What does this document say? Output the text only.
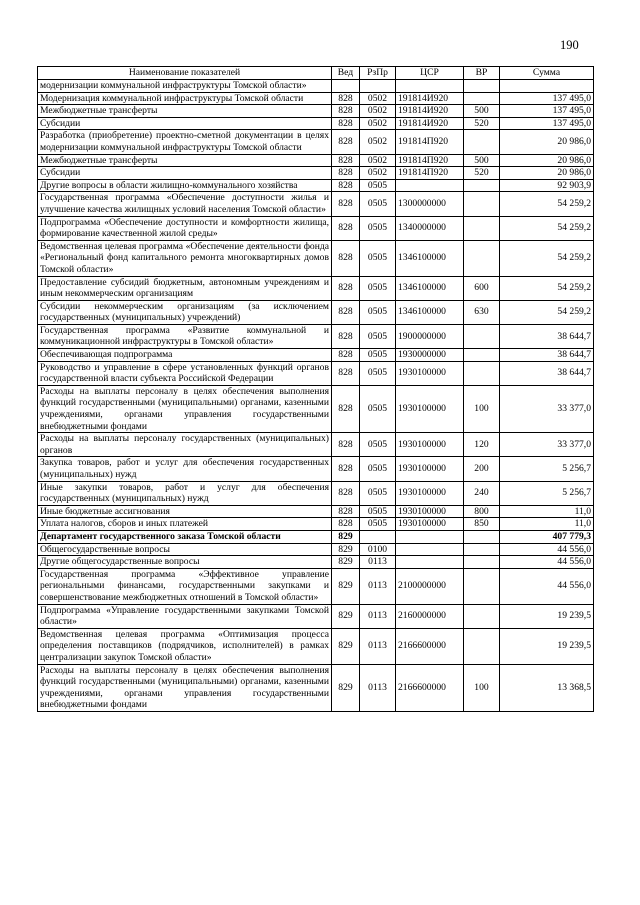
190
Наименование показателей	Вед	РзПр	ЦСР	ВР	Сумма
модернизации коммунальной инфраструктуры Томской области»					
Модернизация коммунальной инфраструктуры Томской области	828	0502	191814И920		137 495,0
Межбюджетные трансферты	828	0502	191814И920	500	137 495,0
Субсидии	828	0502	191814И920	520	137 495,0
Разработка (приобретение) проектно-сметной документации в целях модернизации коммунальной инфраструктуры Томской области	828	0502	191814П920		20 986,0
Межбюджетные трансферты	828	0502	191814П920	500	20 986,0
Субсидии	828	0502	191814П920	520	20 986,0
Другие вопросы в области жилищно-коммунального хозяйства	828	0505			92 903,9
Государственная программа «Обеспечение доступности жилья и улучшение качества жилищных условий населения Томской области»	828	0505	1300000000		54 259,2
Подпрограмма «Обеспечение доступности и комфортности жилища, формирование качественной жилой среды»	828	0505	1340000000		54 259,2
Ведомственная целевая программа «Обеспечение деятельности фонда «Региональный фонд капитального ремонта многоквартирных домов Томской области»	828	0505	1346100000		54 259,2
Предоставление субсидий бюджетным, автономным учреждениям и иным некоммерческим организациям	828	0505	1346100000	600	54 259,2
Субсидии некоммерческим организациям (за исключением государственных (муниципальных) учреждений)	828	0505	1346100000	630	54 259,2
Государственная программа «Развитие коммунальной и коммуникационной инфраструктуры в Томской области»	828	0505	1900000000		38 644,7
Обеспечивающая подпрограмма	828	0505	1930000000		38 644,7
Руководство и управление в сфере установленных функций органов государственной власти субъекта Российской Федерации	828	0505	1930100000		38 644,7
Расходы на выплаты персоналу в целях обеспечения выполнения функций государственными (муниципальными) органами, казенными учреждениями, органами управления государственными внебюджетными фондами	828	0505	1930100000	100	33 377,0
Расходы на выплаты персоналу государственных (муниципальных) органов	828	0505	1930100000	120	33 377,0
Закупка товаров, работ и услуг для обеспечения государственных (муниципальных) нужд	828	0505	1930100000	200	5 256,7
Иные закупки товаров, работ и услуг для обеспечения государственных (муниципальных) нужд	828	0505	1930100000	240	5 256,7
Иные бюджетные ассигнования	828	0505	1930100000	800	11,0
Уплата налогов, сборов и иных платежей	828	0505	1930100000	850	11,0
Департамент государственного заказа Томской области	829				407 779,3
Общегосударственные вопросы	829	0100			44 556,0
Другие общегосударственные вопросы	829	0113			44 556,0
Государственная программа «Эффективное управление региональными финансами, государственными закупками и совершенствование межбюджетных отношений в Томской области»	829	0113	2100000000		44 556,0
Подпрограмма «Управление государственными закупками Томской области»	829	0113	2160000000		19 239,5
Ведомственная целевая программа «Оптимизация процесса определения поставщиков (подрядчиков, исполнителей) в рамках централизации закупок Томской области»	829	0113	2166600000		19 239,5
Расходы на выплаты персоналу в целях обеспечения выполнения функций государственными (муниципальными) органами, казенными учреждениями, органами управления государственными внебюджетными фондами	829	0113	2166600000	100	13 368,5
